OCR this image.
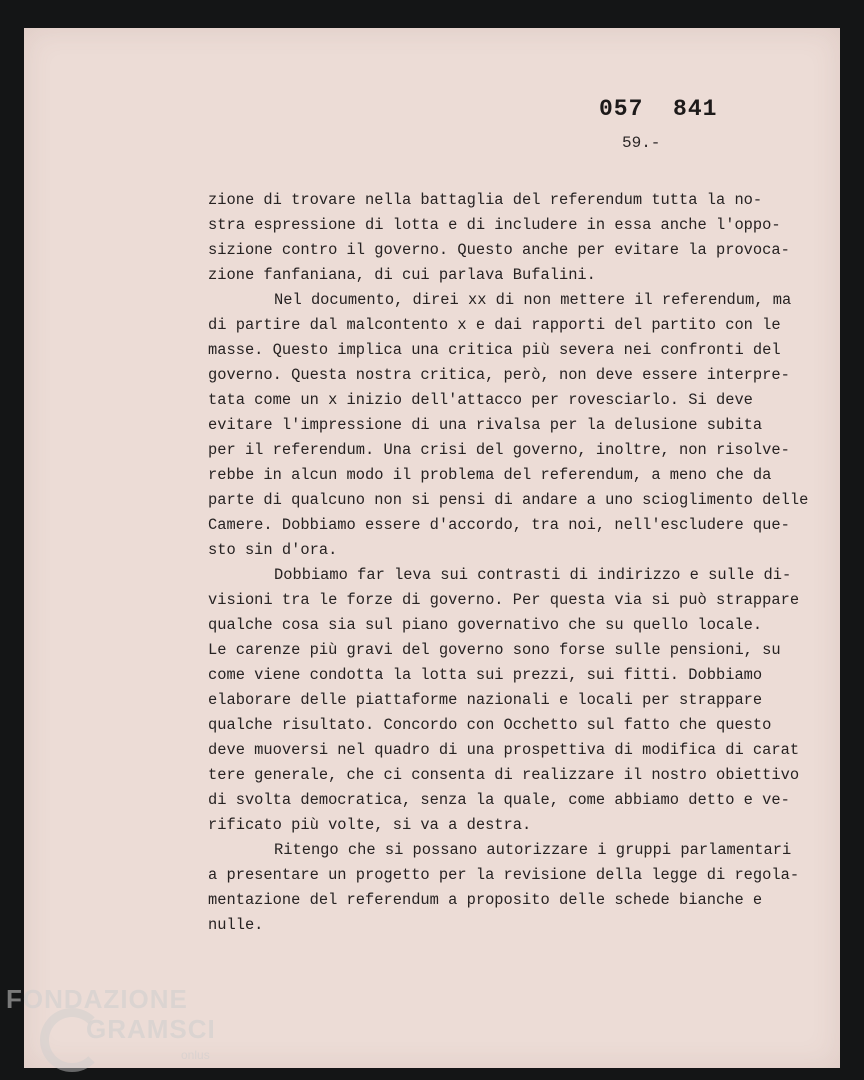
057  841
59.-
zione di trovare nella battaglia del referendum tutta la no-
stra espressione di lotta e di includere in essa anche l'oppo-
sizione contro il governo. Questo anche per evitare la provoca-
zione fanfaniana, di cui parlava Bufalini.
Nel documento, direi xx di non mettere il referendum, ma
di partire dal malcontento x e dai rapporti del partito con le
masse. Questo implica una critica più severa nei confronti del
governo. Questa nostra critica, però, non deve essere interpre-
tata come un x inizio dell'attacco per rovesciarlo. Si deve
evitare l'impressione di una rivalsa per la delusione subita
per il referendum. Una crisi del governo, inoltre, non risolve-
rebbe in alcun modo il problema del referendum, a meno che da
parte di qualcuno non si pensi di andare a uno scioglimento delle
Camere. Dobbiamo essere d'accordo, tra noi, nell'escludere que-
sto sin d'ora.
Dobbiamo far leva sui contrasti di indirizzo e sulle di-
visioni tra le forze di governo. Per questa via si può strappare
qualche cosa sia sul piano governativo che su quello locale.
Le carenze più gravi del governo sono forse sulle pensioni, su
come viene condotta la lotta sui prezzi, sui fitti. Dobbiamo
elaborare delle piattaforme nazionali e locali per strappare
qualche risultato. Concordo con Occhetto sul fatto che questo
deve muoversi nel quadro di una prospettiva di modifica di carat
tere generale, che ci consenta di realizzare il nostro obiettivo
di svolta democratica, senza la quale, come abbiamo detto e ve-
rificato più volte, si va a destra.
Ritengo che si possano autorizzare i gruppi parlamentari
a presentare un progetto per la revisione della legge di regola-
mentazione del referendum a proposito delle schede bianche e
nulle.
FONDAZIONE
GRAMSCI
onlus
